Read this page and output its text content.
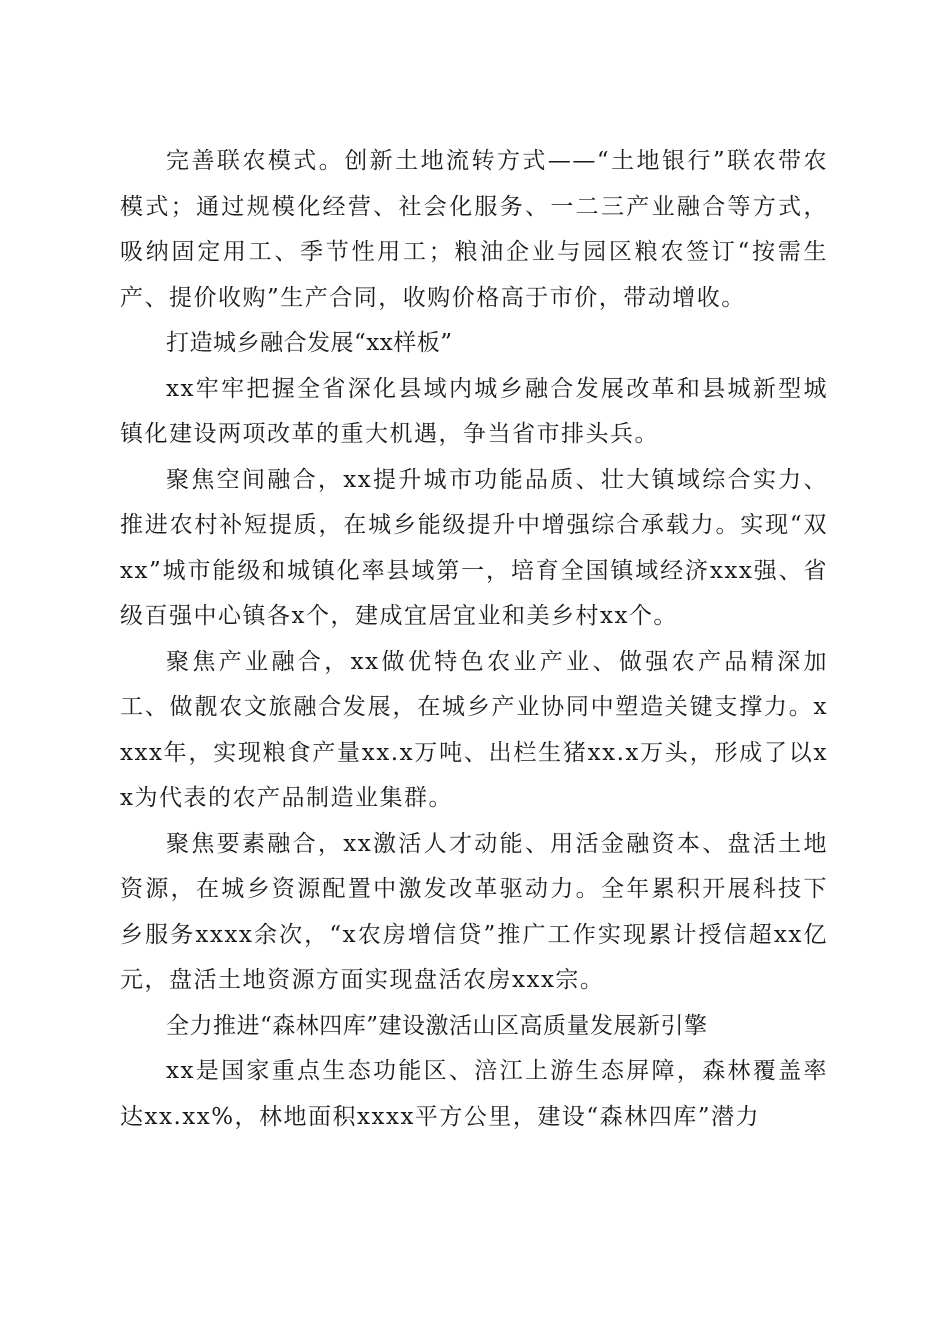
完善联农模式。创新土地流转方式——“土地银行”联农带农模式；通过规模化经营、社会化服务、一二三产业融合等方式，吸纳固定用工、季节性用工；粮油企业与园区粮农签订“按需生产、提价收购”生产合同，收购价格高于市价，带动增收。

打造城乡融合发展“xx样板”

xx牢牢把握全省深化县域内城乡融合发展改革和县城新型城镇化建设两项改革的重大机遇，争当省市排头兵。

聚焦空间融合，xx提升城市功能品质、壮大镇域综合实力、推进农村补短提质，在城乡能级提升中增强综合承载力。实现“双xx”城市能级和城镇化率县域第一，培育全国镇域经济xxx强、省级百强中心镇各x个，建成宜居宜业和美乡村xx个。

聚焦产业融合，xx做优特色农业产业、做强农产品精深加工、做靓农文旅融合发展，在城乡产业协同中塑造关键支撑力。xxxx年，实现粮食产量xx.x万吨、出栏生猪xx.x万头，形成了以xx为代表的农产品制造业集群。

聚焦要素融合，xx激活人才动能、用活金融资本、盘活土地资源，在城乡资源配置中激发改革驱动力。全年累积开展科技下乡服务xxxx余次，“x农房增信贷”推广工作实现累计授信超xx亿元，盘活土地资源方面实现盘活农房xxx宗。

全力推进“森林四库”建设激活山区高质量发展新引擎

xx是国家重点生态功能区、涪江上游生态屏障，森林覆盖率达xx.xx%，林地面积xxxx平方公里，建设“森林四库”潜力
